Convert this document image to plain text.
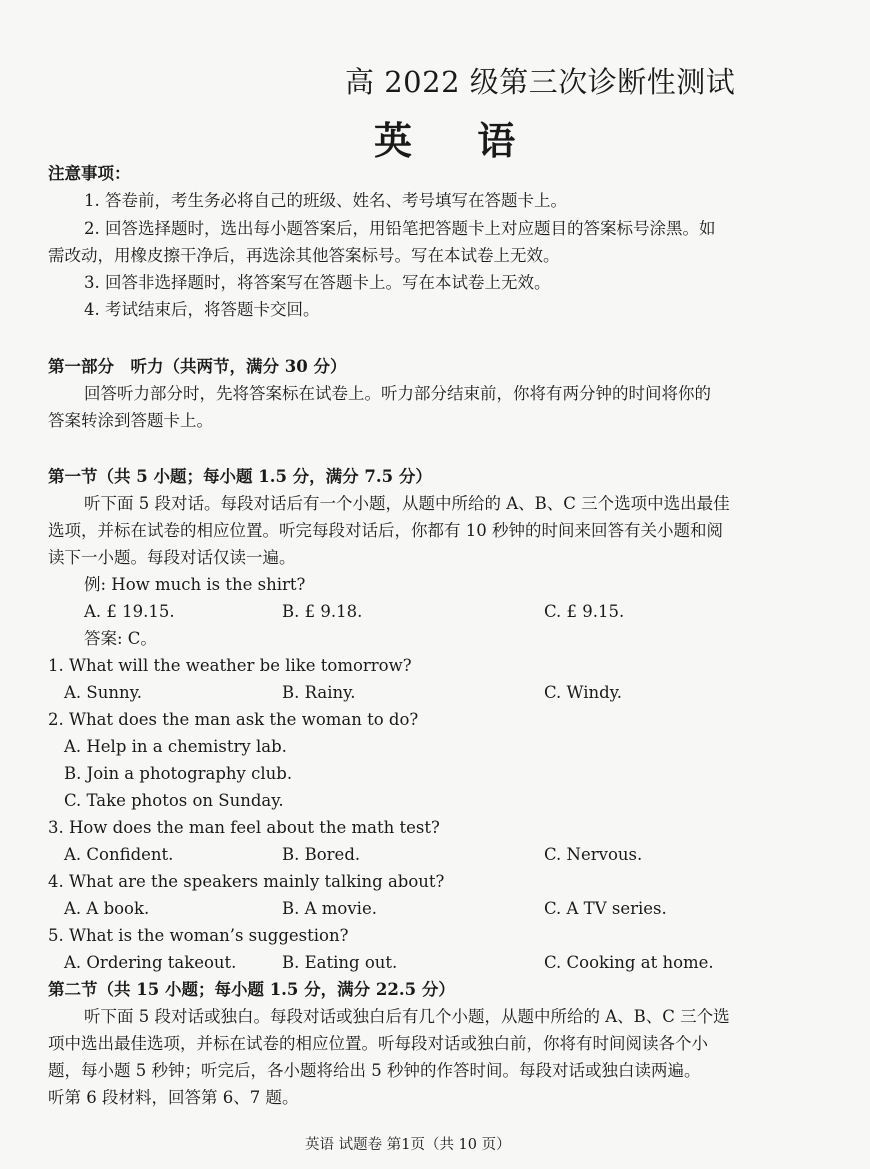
高 2022 级第三次诊断性测试
英 语
注意事项：
1. 答卷前，考生务必将自己的班级、姓名、考号填写在答题卡上。
2. 回答选择题时，选出每小题答案后，用铅笔把答题卡上对应题目的答案标号涂黑。如
需改动，用橡皮擦干净后，再选涂其他答案标号。写在本试卷上无效。
3. 回答非选择题时，将答案写在答题卡上。写在本试卷上无效。
4. 考试结束后，将答题卡交回。
第一部分　听力（共两节，满分 30 分）
回答听力部分时，先将答案标在试卷上。听力部分结束前，你将有两分钟的时间将你的
答案转涂到答题卡上。
第一节（共 5 小题；每小题 1.5 分，满分 7.5 分）
听下面 5 段对话。每段对话后有一个小题，从题中所给的 A、B、C 三个选项中选出最佳
选项，并标在试卷的相应位置。听完每段对话后，你都有 10 秒钟的时间来回答有关小题和阅
读下一小题。每段对话仅读一遍。
例: How much is the shirt?
A. £ 19.15.	B. £ 9.18.	C. £ 9.15.
答案: C。
1. What will the weather be like tomorrow?
A. Sunny.	B. Rainy.	C. Windy.
2. What does the man ask the woman to do?
A. Help in a chemistry lab.
B. Join a photography club.
C. Take photos on Sunday.
3. How does the man feel about the math test?
A. Confident.	B. Bored.	C. Nervous.
4. What are the speakers mainly talking about?
A. A book.	B. A movie.	C. A TV series.
5. What is the woman’s suggestion?
A. Ordering takeout.	B. Eating out.	C. Cooking at home.
第二节（共 15 小题；每小题 1.5 分，满分 22.5 分）
听下面 5 段对话或独白。每段对话或独白后有几个小题，从题中所给的 A、B、C 三个选
项中选出最佳选项，并标在试卷的相应位置。听每段对话或独白前，你将有时间阅读各个小
题，每小题 5 秒钟；听完后，各小题将给出 5 秒钟的作答时间。每段对话或独白读两遍。
听第 6 段材料，回答第 6、7 题。
英语 试题卷 第1页（共 10 页）
